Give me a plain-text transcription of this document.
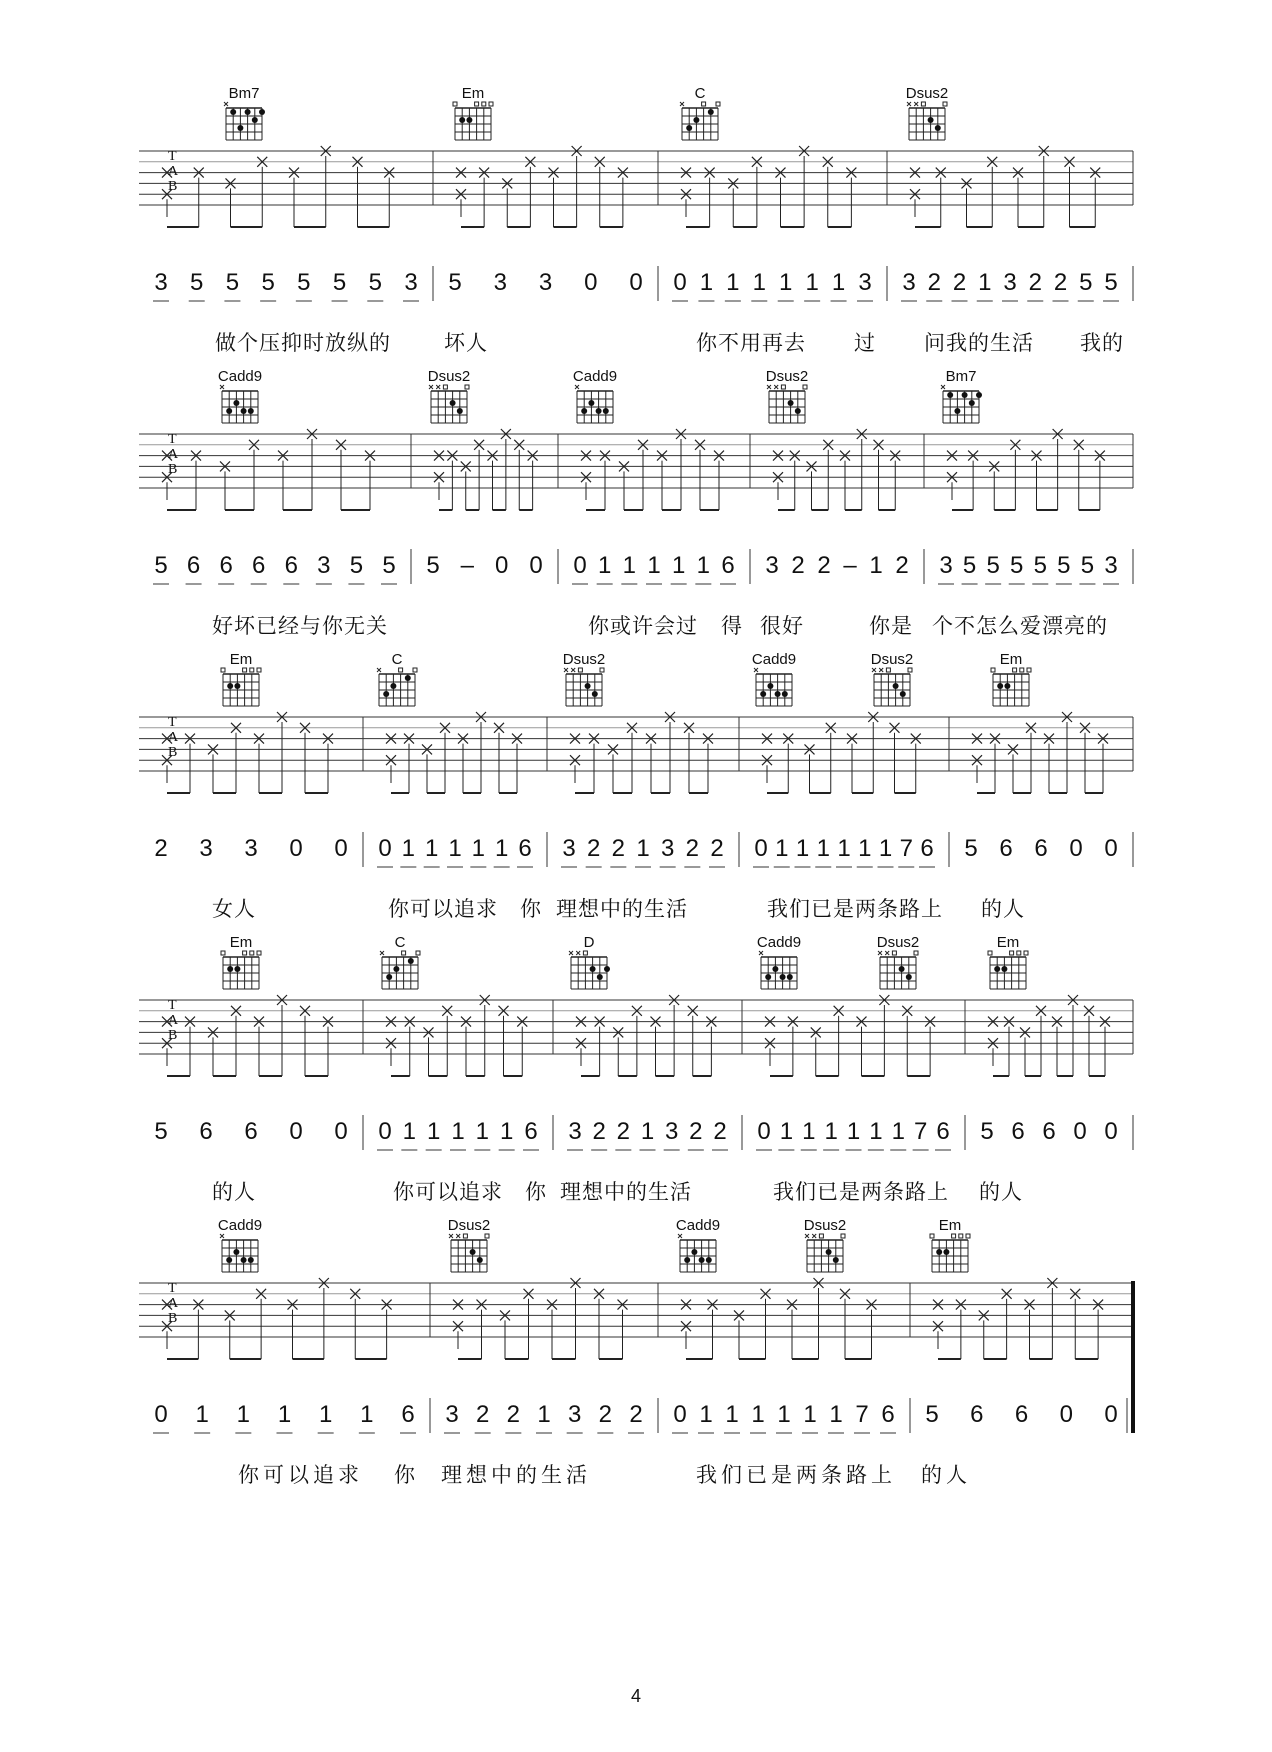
T
A
B
3 5 5 5 5 5 5 3 5 3 3 0 0 0 1 1 1 1 1 1 3 3 2 2 1 3 2 2 5 5
Bm7	Em	C	Dsus2
做个压抑时放纵的	坏人	你不用再去 过 问我的生活 我的
T
A
B
5 6 6 6 6 3 5 5 5 – 0 0 0 1 1 1 1 1 6 3 2 2 – 1 2 3 5 5 5 5 5 5 3
Cadd9	Dsus2	Cadd9	Dsus2	Bm7
好坏已经与你无关	你或许会过 得 很好	你是 个不怎么爱漂亮的
T
A
B
2 3 3 0 0 0 1 1 1 1 1 6 3 2 2 1 3 2 2 0 1 1 1 1 1 1 7 6 5 6 6 0 0
Em	C	Dsus2	Cadd9	Dsus2	Em
女人	你可以追求 你 理想中的生活	我们已是两条路上 的人
T
A
B
5 6 6 0 0 0 1 1 1 1 1 6 3 2 2 1 3 2 2 0 1 1 1 1 1 1 7 6 5 6 6 0 0
Em	C	D	Cadd9	Dsus2	Em
的人	你可以追求 你 理想中的生活	我们已是两条路上 的人
T
A
B
0 1 1 1 1 1 6 3 2 2 1 3 2 2 0 1 1 1 1 1 1 7 6 5 6 6 0 0
Cadd9	Dsus2	Cadd9	Dsus2	Em
你可以追求 你 理想中的生活	我们已是两条路上 的人
4
